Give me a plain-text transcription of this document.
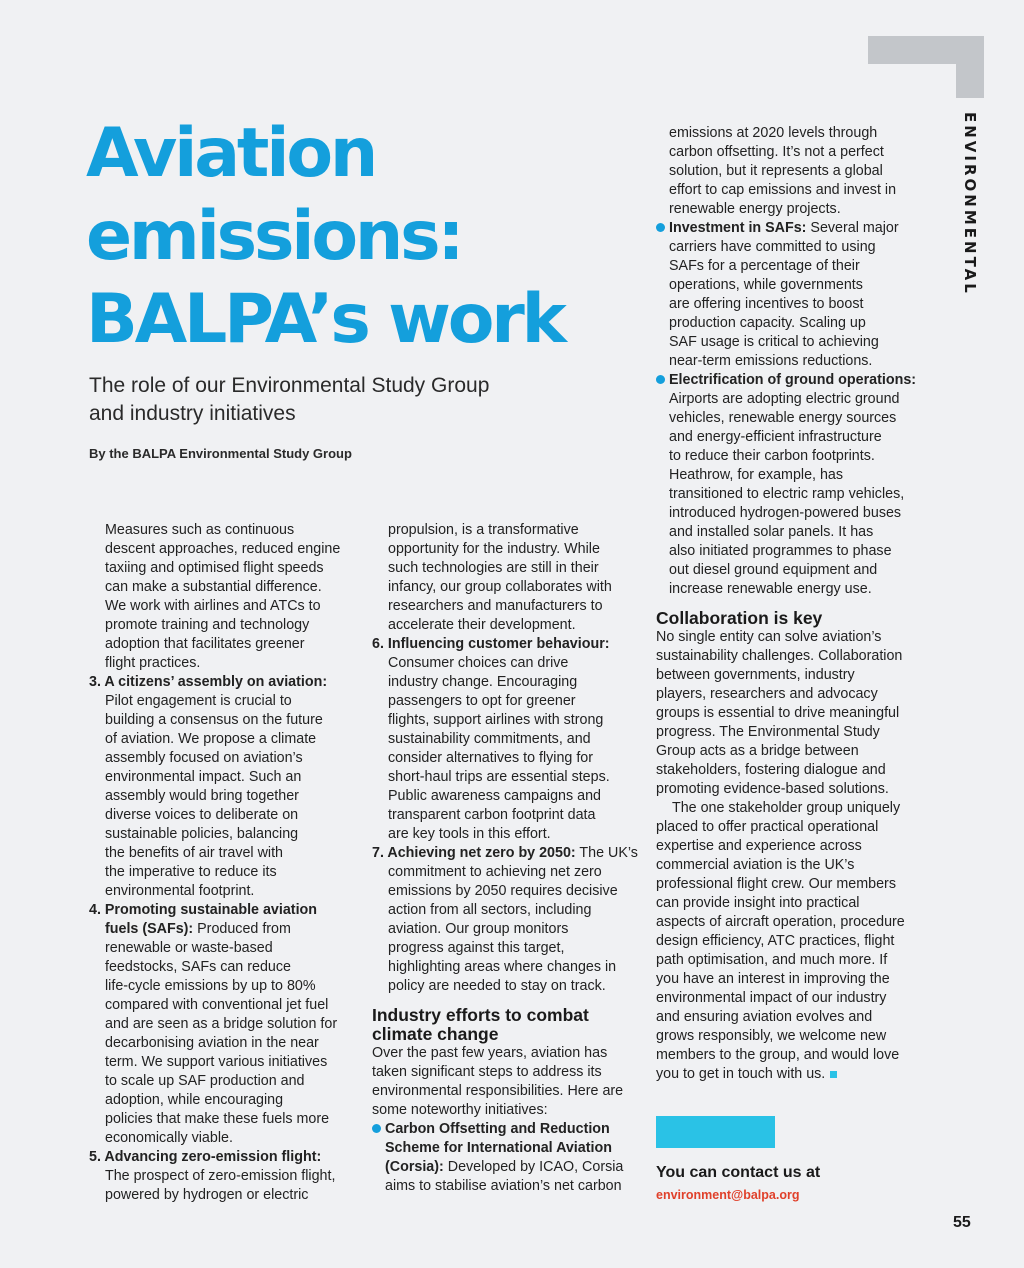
ENVIRONMENTAL
Aviation
emissions:
BALPA’s work
The role of our Environmental Study Group
and industry initiatives
By the BALPA Environmental Study Group
Measures such as continuous
descent approaches, reduced engine
taxiing and optimised flight speeds
can make a substantial difference.
We work with airlines and ATCs to
promote training and technology
adoption that facilitates greener
flight practices.
3. A citizens’ assembly on aviation:
Pilot engagement is crucial to
building a consensus on the future
of aviation. We propose a climate
assembly focused on aviation’s
environmental impact. Such an
assembly would bring together
diverse voices to deliberate on
sustainable policies, balancing
the benefits of air travel with
the imperative to reduce its
environmental footprint.
4. Promoting sustainable aviation
fuels (SAFs): Produced from
renewable or waste-based
feedstocks, SAFs can reduce
life-cycle emissions by up to 80%
compared with conventional jet fuel
and are seen as a bridge solution for
decarbonising aviation in the near
term. We support various initiatives
to scale up SAF production and
adoption, while encouraging
policies that make these fuels more
economically viable.
5. Advancing zero-emission flight:
The prospect of zero-emission flight,
powered by hydrogen or electric
propulsion, is a transformative
opportunity for the industry. While
such technologies are still in their
infancy, our group collaborates with
researchers and manufacturers to
accelerate their development.
6. Influencing customer behaviour:
Consumer choices can drive
industry change. Encouraging
passengers to opt for greener
flights, support airlines with strong
sustainability commitments, and
consider alternatives to flying for
short-haul trips are essential steps.
Public awareness campaigns and
transparent carbon footprint data
are key tools in this effort.
7. Achieving net zero by 2050: The UK’s
commitment to achieving net zero
emissions by 2050 requires decisive
action from all sectors, including
aviation. Our group monitors
progress against this target,
highlighting areas where changes in
policy are needed to stay on track.
Industry efforts to combat
climate change
Over the past few years, aviation has
taken significant steps to address its
environmental responsibilities. Here are
some noteworthy initiatives:
Carbon Offsetting and Reduction
Scheme for International Aviation
(Corsia): Developed by ICAO, Corsia
aims to stabilise aviation’s net carbon
emissions at 2020 levels through
carbon offsetting. It’s not a perfect
solution, but it represents a global
effort to cap emissions and invest in
renewable energy projects.
Investment in SAFs: Several major
carriers have committed to using
SAFs for a percentage of their
operations, while governments
are offering incentives to boost
production capacity. Scaling up
SAF usage is critical to achieving
near-term emissions reductions.
Electrification of ground operations:
Airports are adopting electric ground
vehicles, renewable energy sources
and energy-efficient infrastructure
to reduce their carbon footprints.
Heathrow, for example, has
transitioned to electric ramp vehicles,
introduced hydrogen-powered buses
and installed solar panels. It has
also initiated programmes to phase
out diesel ground equipment and
increase renewable energy use.
Collaboration is key
No single entity can solve aviation’s
sustainability challenges. Collaboration
between governments, industry
players, researchers and advocacy
groups is essential to drive meaningful
progress. The Environmental Study
Group acts as a bridge between
stakeholders, fostering dialogue and
promoting evidence-based solutions.
The one stakeholder group uniquely
placed to offer practical operational
expertise and experience across
commercial aviation is the UK’s
professional flight crew. Our members
can provide insight into practical
aspects of aircraft operation, procedure
design efficiency, ATC practices, flight
path optimisation, and much more. If
you have an interest in improving the
environmental impact of our industry
and ensuring aviation evolves and
grows responsibly, we welcome new
members to the group, and would love
you to get in touch with us.
You can contact us at
environment@balpa.org
55
